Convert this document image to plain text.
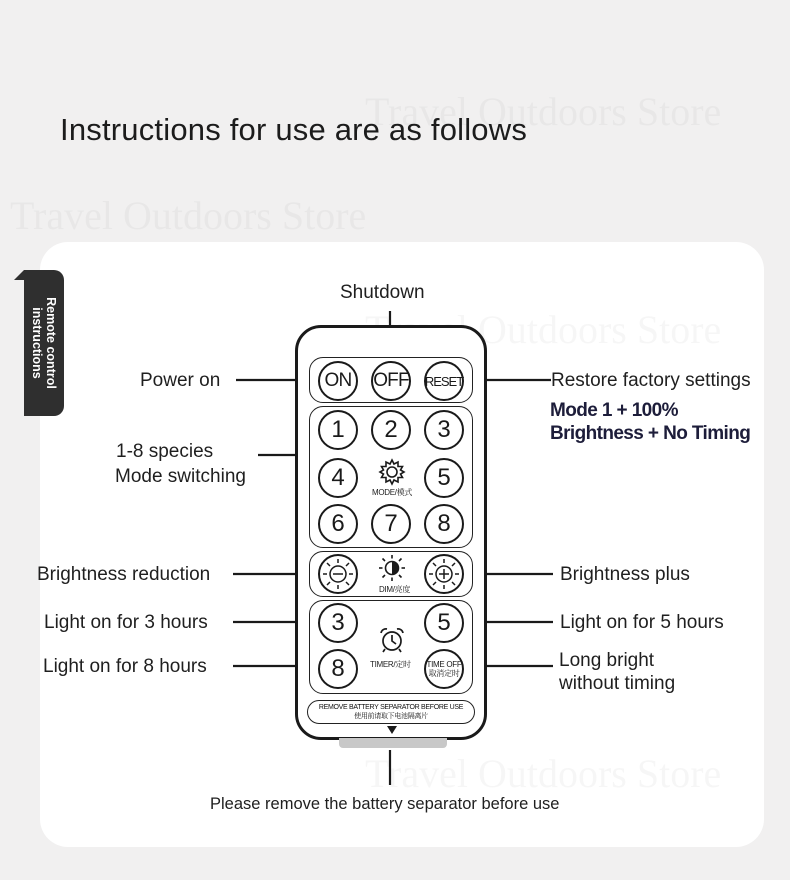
Instructions for use are as follows
Remote control
instructions
ON	OFF RESET
1	2	3
4
MODE/模式
5
6	7	8
DIM/亮度
3	5
TIMER/定时
8	TIME OFF
取消定时
REMOVE BATTERY SEPARATOR BEFORE USE
使用前请取下电池隔离片
Shutdown
Power on	Restore factory settings
Mode 1 + 100%
Brightness + No Timing
1-8 species
Mode switching
Brightness reduction	Brightness plus
Light on for 3 hours	Light on for 5 hours
Light on for 8 hours	Long bright
without timing
Please remove the battery separator before use
